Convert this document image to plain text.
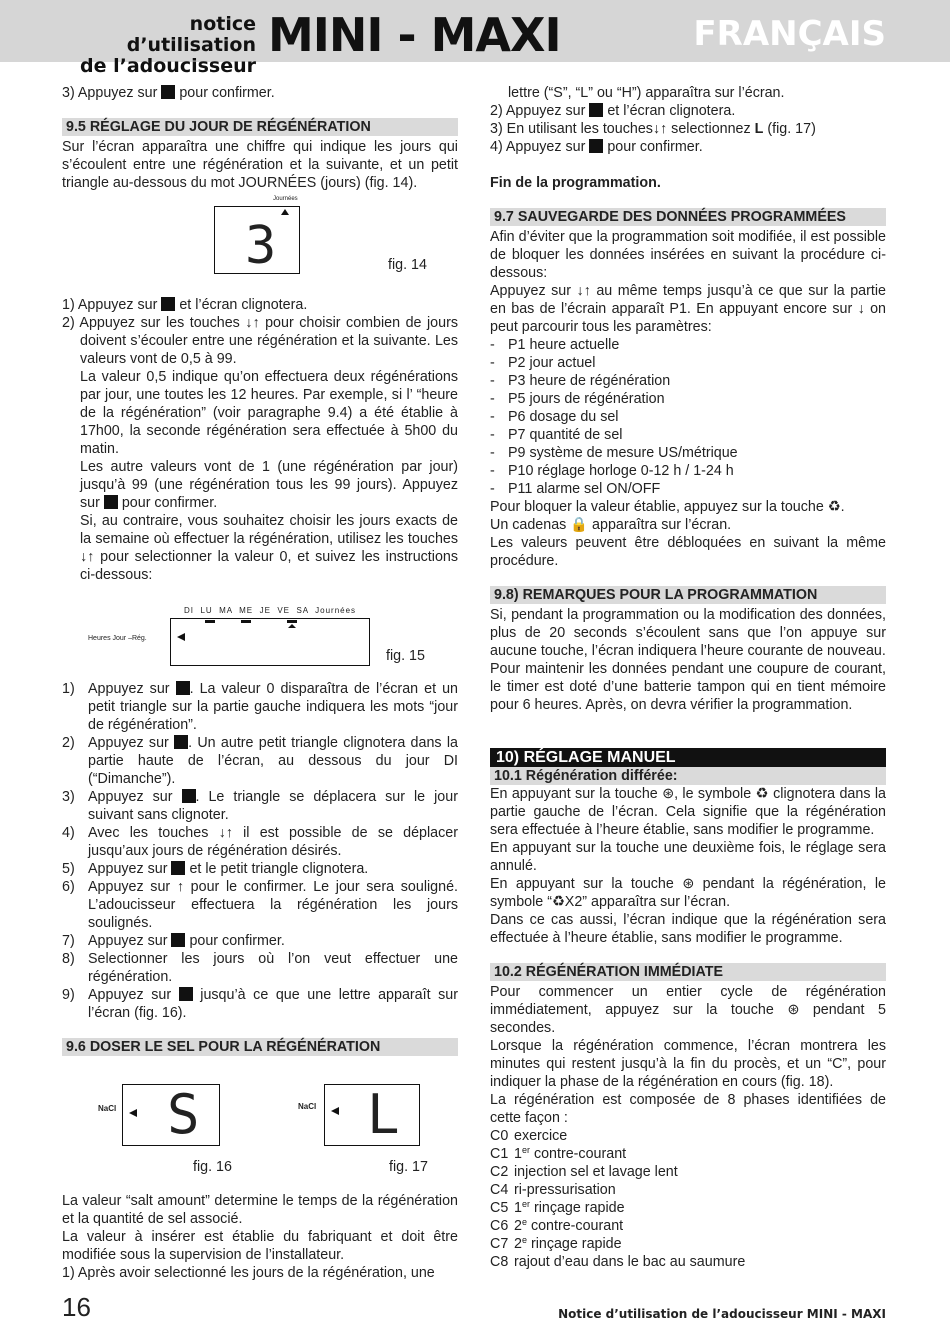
notice d’utilisation
de l’adoucisseur
MINI - MAXI	FRANÇAIS
3) Appuyez sur pour confirmer.
9.5 RÉGLAGE DU JOUR DE RÉGÉNÉRATION

Sur l’écran apparaîtra une chiffre qui indique les jours qui s’écoulent entre une régénération et la suivante, et un petit triangle au-dessous du mot JOURNÉES (jours) (fig. 14).

Journées
3	fig. 14
1) Appuyez sur et l’écran clignotera.

2) Appuyez sur les touches ↓↑ pour choisir combien de jours doivent s’écouler entre une régénération et la suivante. Les valeurs vont de 0,5 à 99.

La valeur 0,5 indique qu’on effectuera deux régénérations par jour, une toutes les 12 heures. Par exemple, si l’ “heure de la régénération” (voir paragraphe 9.4) a été établie à 17h00, la seconde régénération sera effectuée à 5h00 du matin.

Les autre valeurs vont de 1 (une régénération par jour) jusqu’à 99 (une régénération tous les 99 jours). Appuyez sur pour confirmer.

Si, au contraire, vous souhaitez choisir les jours exacts de la semaine où effectuer la régénération, utilisez les touches ↓↑ pour selectionner la valeur 0, et suivez les instructions ci-dessous:

DI  LU  MA  ME  JE  VE  SA  Journées
Heures Jour –Rég.
fig. 15
1) Appuyez sur . La valeur 0 disparaîtra de l’écran et un petit triangle sur la partie gauche indiquera les mots “jour de régénération”.
2) Appuyez sur . Un autre petit triangle clignotera dans la partie haute de l’écran, au dessous du jour DI (“Dimanche”).
3) Appuyez sur . Le triangle se déplacera sur le jour suivant sans clignoter.
4) Avec les touches ↓↑ il est possible de se déplacer jusqu’aux jours de régénération désirés.
5) Appuyez sur et le petit triangle clignotera.
6) Appuyez sur ↑ pour le confirmer. Le jour sera souligné. L’adoucisseur effectuera la régénération les jours soulignés.
7) Appuyez sur pour confirmer.
8) Selectionner les jours où l’on veut effectuer une régénération.
9) Appuyez sur jusqu’à ce que une lettre apparaît sur l’écran (fig. 16).
9.6 DOSER LE SEL POUR LA RÉGÉNÉRATION
NaCl S	NaCl L
fig. 16	fig. 17

La valeur “salt amount” determine le temps de la régénération et la quantité de sel associé.

La valeur à insérer est établie du fabriquant et doit être modifiée sous la supervision de l’installateur.

1) Après avoir selectionné les jours de la régénération, une

lettre (“S”, “L” ou “H”) apparaîtra sur l’écran.

2) Appuyez sur et l’écran clignotera.
3) En utilisant les touches↓↑ selectionnez L (fig. 17)
4) Appuyez sur pour confirmer.
Fin de la programmation.
9.7 SAUVEGARDE DES DONNÉES PROGRAMMÉES

Afin d’éviter que la programmation soit modifiée, il est possible de bloquer les données insérées en suivant la procédure ci-dessous:

Appuyez sur ↓↑ au même temps jusqu’à ce que sur la partie en bas de l’écrain apparaît P1. En appuyant encore sur ↓ on peut parcourir tous les paramètres:

- P1 heure actuelle
- P2 jour actuel
- P3 heure de régénération
- P5 jours de régénération
- P6 dosage du sel
- P7 quantité de sel
- P9 système de mesure US/métrique
- P10 réglage horloge 0-12 h / 1-24 h
- P11 alarme sel ON/OFF

Pour bloquer la valeur établie, appuyez sur la touche ♻.

Un cadenas 🔒 apparaîtra sur l’écran.

Les valeurs peuvent être débloquées en suivant la même procédure.

9.8) REMARQUES POUR LA PROGRAMMATION

Si, pendant la programmation ou la modification des données, plus de 20 seconds s’écoulent sans que l’on appuye sur aucune touche, l’écran indiquera l’heure courante de nouveau.

Pour maintenir les données pendant une coupure de courant, le timer est doté d’une batterie tampon qui en tient mémoire pour 6 heures. Après, on devra vérifier la programmation.

10) RÉGLAGE MANUEL
10.1 Régénération différée:

En appuyant sur la touche ⊛, le symbole ♻ clignotera dans la partie gauche de l’écran. Cela signifie que la régénération sera effectuée à l’heure établie, sans modifier le programme.

En appuyant sur la touche une deuxième fois, le réglage sera annulé.

En appuyant sur la touche ⊛ pendant la régénération, le symbole “♻X2” apparaîtra sur l’écran.

Dans ce cas aussi, l’écran indique que la régénération sera effectuée à l’heure établie, sans modifier le programme.

10.2 RÉGÉNÉRATION IMMÉDIATE

Pour commencer un entier cycle de régénération immédiatement, appuyez sur la touche ⊛ pendant 5 secondes.

Lorsque la régénération commence, l’écran montrera les minutes qui restent jusqu’à la fin du procès, et un “C”, pour indiquer la phase de la régénération en cours (fig. 18).

La régénération est composée de 8 phases identifiées de cette façon :

C0 exercice
C1 1er contre-courant
C2 injection sel et lavage lent
C4 ri-pressurisation
C5 1er rinçage rapide
C6 2e contre-courant
C7 2e rinçage rapide
C8 rajout d’eau dans le bac au saumure
16	Notice d’utilisation de l’adoucisseur MINI - MAXI
